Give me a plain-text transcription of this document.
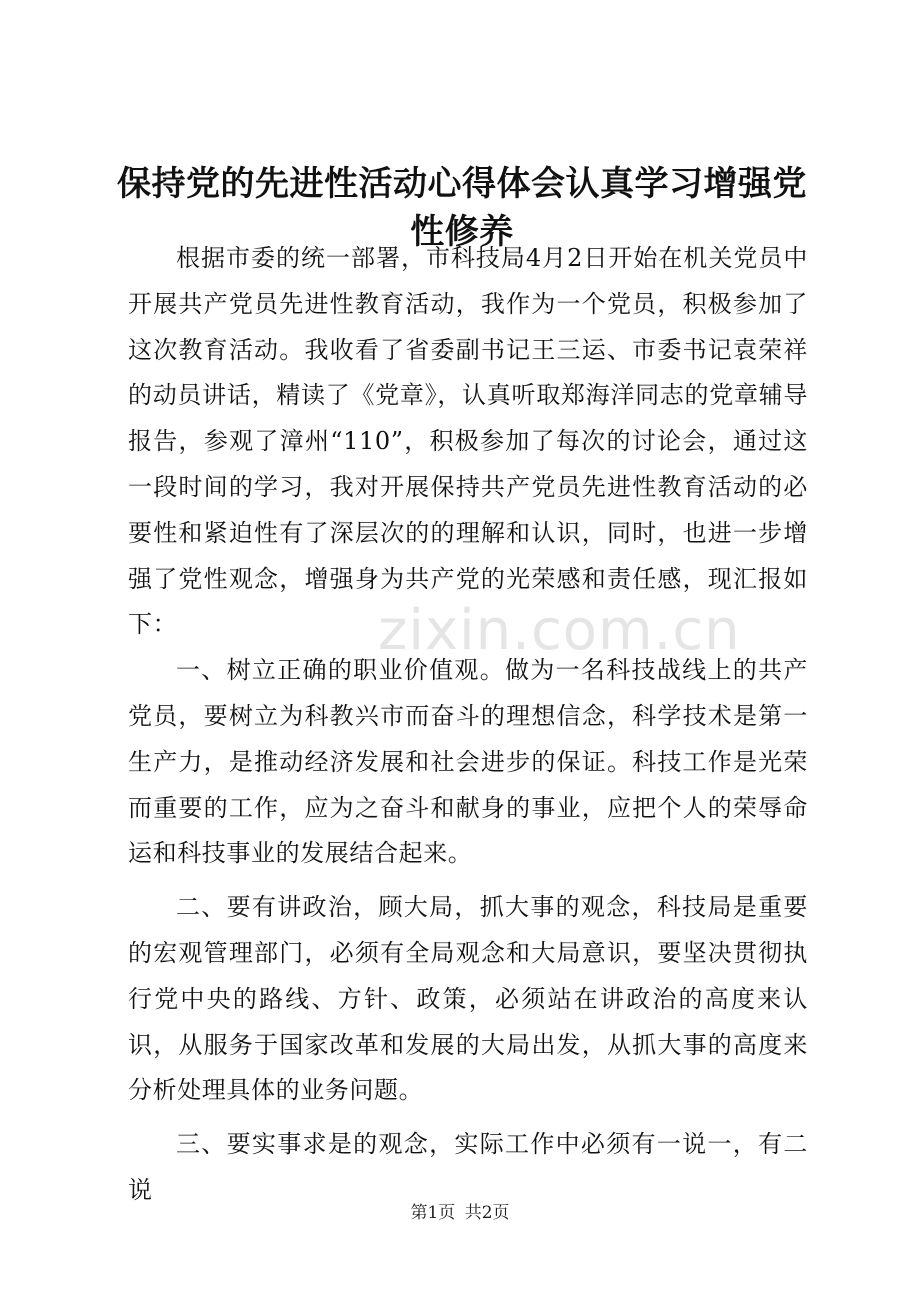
保持党的先进性活动心得体会认真学习增强党性修养

根据市委的统一部署，市科技局4月2日开始在机关党员中开展共产党员先进性教育活动，我作为一个党员，积极参加了这次教育活动。我收看了省委副书记王三运、市委书记袁荣祥的动员讲话，精读了《党章》，认真听取郑海洋同志的党章辅导报告，参观了漳州“110”，积极参加了每次的讨论会，通过这一段时间的学习，我对开展保持共产党员先进性教育活动的必要性和紧迫性有了深层次的的理解和认识，同时，也进一步增强了党性观念，增强身为共产党的光荣感和责任感，现汇报如下：

一、树立正确的职业价值观。做为一名科技战线上的共产党员，要树立为科教兴市而奋斗的理想信念，科学技术是第一生产力，是推动经济发展和社会进步的保证。科技工作是光荣而重要的工作，应为之奋斗和献身的事业，应把个人的荣辱命运和科技事业的发展结合起来。

二、要有讲政治，顾大局，抓大事的观念，科技局是重要的宏观管理部门，必须有全局观念和大局意识，要坚决贯彻执行党中央的路线、方针、政策，必须站在讲政治的高度来认识，从服务于国家改革和发展的大局出发，从抓大事的高度来分析处理具体的业务问题。

三、要实事求是的观念，实际工作中必须有一说一，有二说

zixin.com.cn
第1页 共2页
